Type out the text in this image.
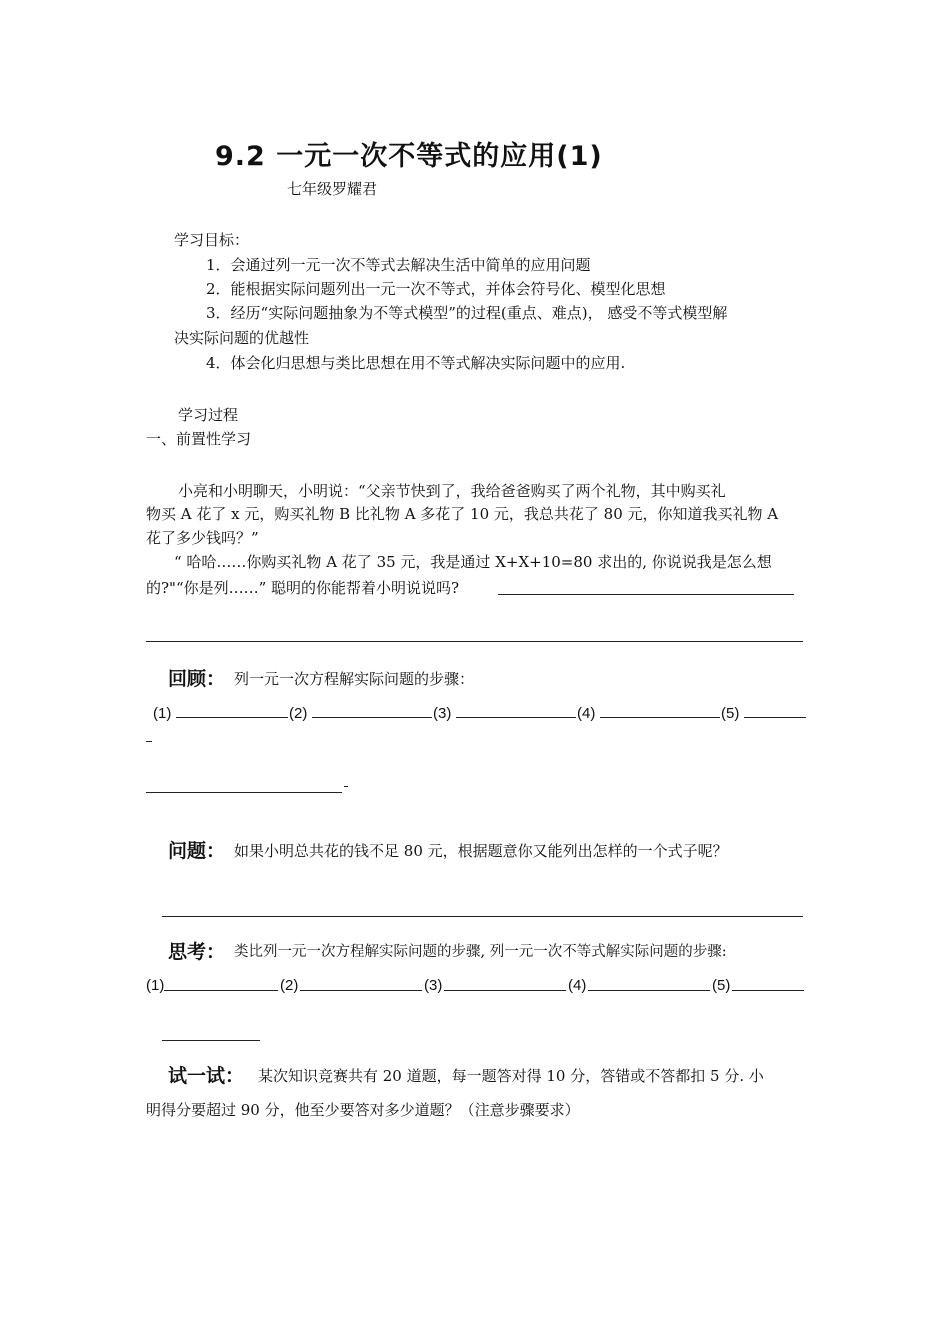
9.2 一元一次不等式的应用(1)
七年级罗耀君
学习目标：
1．会通过列一元一次不等式去解决生活中简单的应用问题
2．能根据实际问题列出一元一次不等式，并体会符号化、模型化思想
3．经历“实际问题抽象为不等式模型”的过程(重点、难点)， 感受不等式模型解
决实际问题的优越性
4．体会化归思想与类比思想在用不等式解决实际问题中的应用.
学习过程
一、前置性学习
小亮和小明聊天，小明说：“父亲节快到了，我给爸爸购买了两个礼物，其中购买礼
物买 A 花了 x 元，购买礼物 B 比礼物 A 多花了 10 元，我总共花了 80 元，你知道我买礼物 A
花了多少钱吗？”
“ 哈哈……你购买礼物 A 花了 35 元，我是通过 X+X+10=80 求出的, 你说说我是怎么想
的?"“你是列……” 聪明的你能帮着小明说说吗?
回顾： 列一元一次方程解实际问题的步骤：
(1)	(2)	(3)	(4)	(5)
问题： 如果小明总共花的钱不足 80 元，根据题意你又能列出怎样的一个式子呢？
思考： 类比列一元一次方程解实际问题的步骤, 列一元一次不等式解实际问题的步骤:
(1)	(2)	(3)	(4)	(5)
试一试： 某次知识竞赛共有 20 道题，每一题答对得 10 分，答错或不答都扣 5 分. 小
明得分要超过 90 分，他至少要答对多少道题？（注意步骤要求）
